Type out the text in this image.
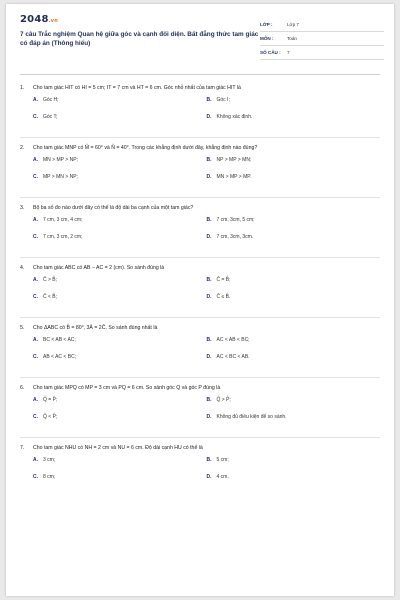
2048.vn
7 câu Trắc nghiệm Quan hệ giữa góc và cạnh đối diện. Bất đẳng thức tam giác có đáp án (Thông hiểu)
LỚP :	Lớp 7
MÔN :	Toán
SỐ CÂU :	7
1.	Cho tam giác HIT có HI = 5 cm; IT = 7 cm và HT = 6 cm. Góc nhỏ nhất của tam giác HIT là
A.	Góc H;	B.	Góc I;
C.	Góc T;	D.	Không xác định.
2.	Cho tam giác MNP có M̂ = 60° và N̂ = 40°. Trong các khẳng định dưới đây, khẳng định nào đúng?
A.	MN > MP > NP;	B.	NP > MP > MN;
C.	MP > MN > NP;	D.	MN > MP > MP.
3.	Bộ ba số đo nào dưới đây có thể là độ dài ba cạnh của một tam giác?
A.	7 cm, 3 cm, 4 cm;	B.	7 cm, 3cm, 5 cm;
C.	7 cm, 3 cm, 2 cm;	D.	7 cm, 3cm, 3cm.
4.	Cho tam giác ABC có AB − AC = 2 (cm). So sánh đúng là
A.	Ĉ > B̂;	B.	Ĉ = B̂;
C.	Ĉ < B̂;	D.	Ĉ ≤ B̂.
5.	Cho ΔABC có B̂ = 80°, 3Â = 2Ĉ. So sánh đúng nhất là
A.	BC < AB < AC;	B.	AC < AB < BC;
C.	AB < AC < BC;	D.	AC < BC < AB.
6.	Cho tam giác MPQ có MP = 3 cm và PQ = 6 cm. So sánh góc Q và góc P đúng là
A.	Q̂ = P̂;	B.	Q̂ > P̂;
C.	Q̂ < P̂;	D.	Không đủ điều kiện để so sánh.
7.	Cho tam giác NHU có NH = 2 cm và NU = 6 cm. Độ dài cạnh HU có thể là
A.	3 cm;	B.	5 cm;
C.	8 cm;	D.	4 cm.
